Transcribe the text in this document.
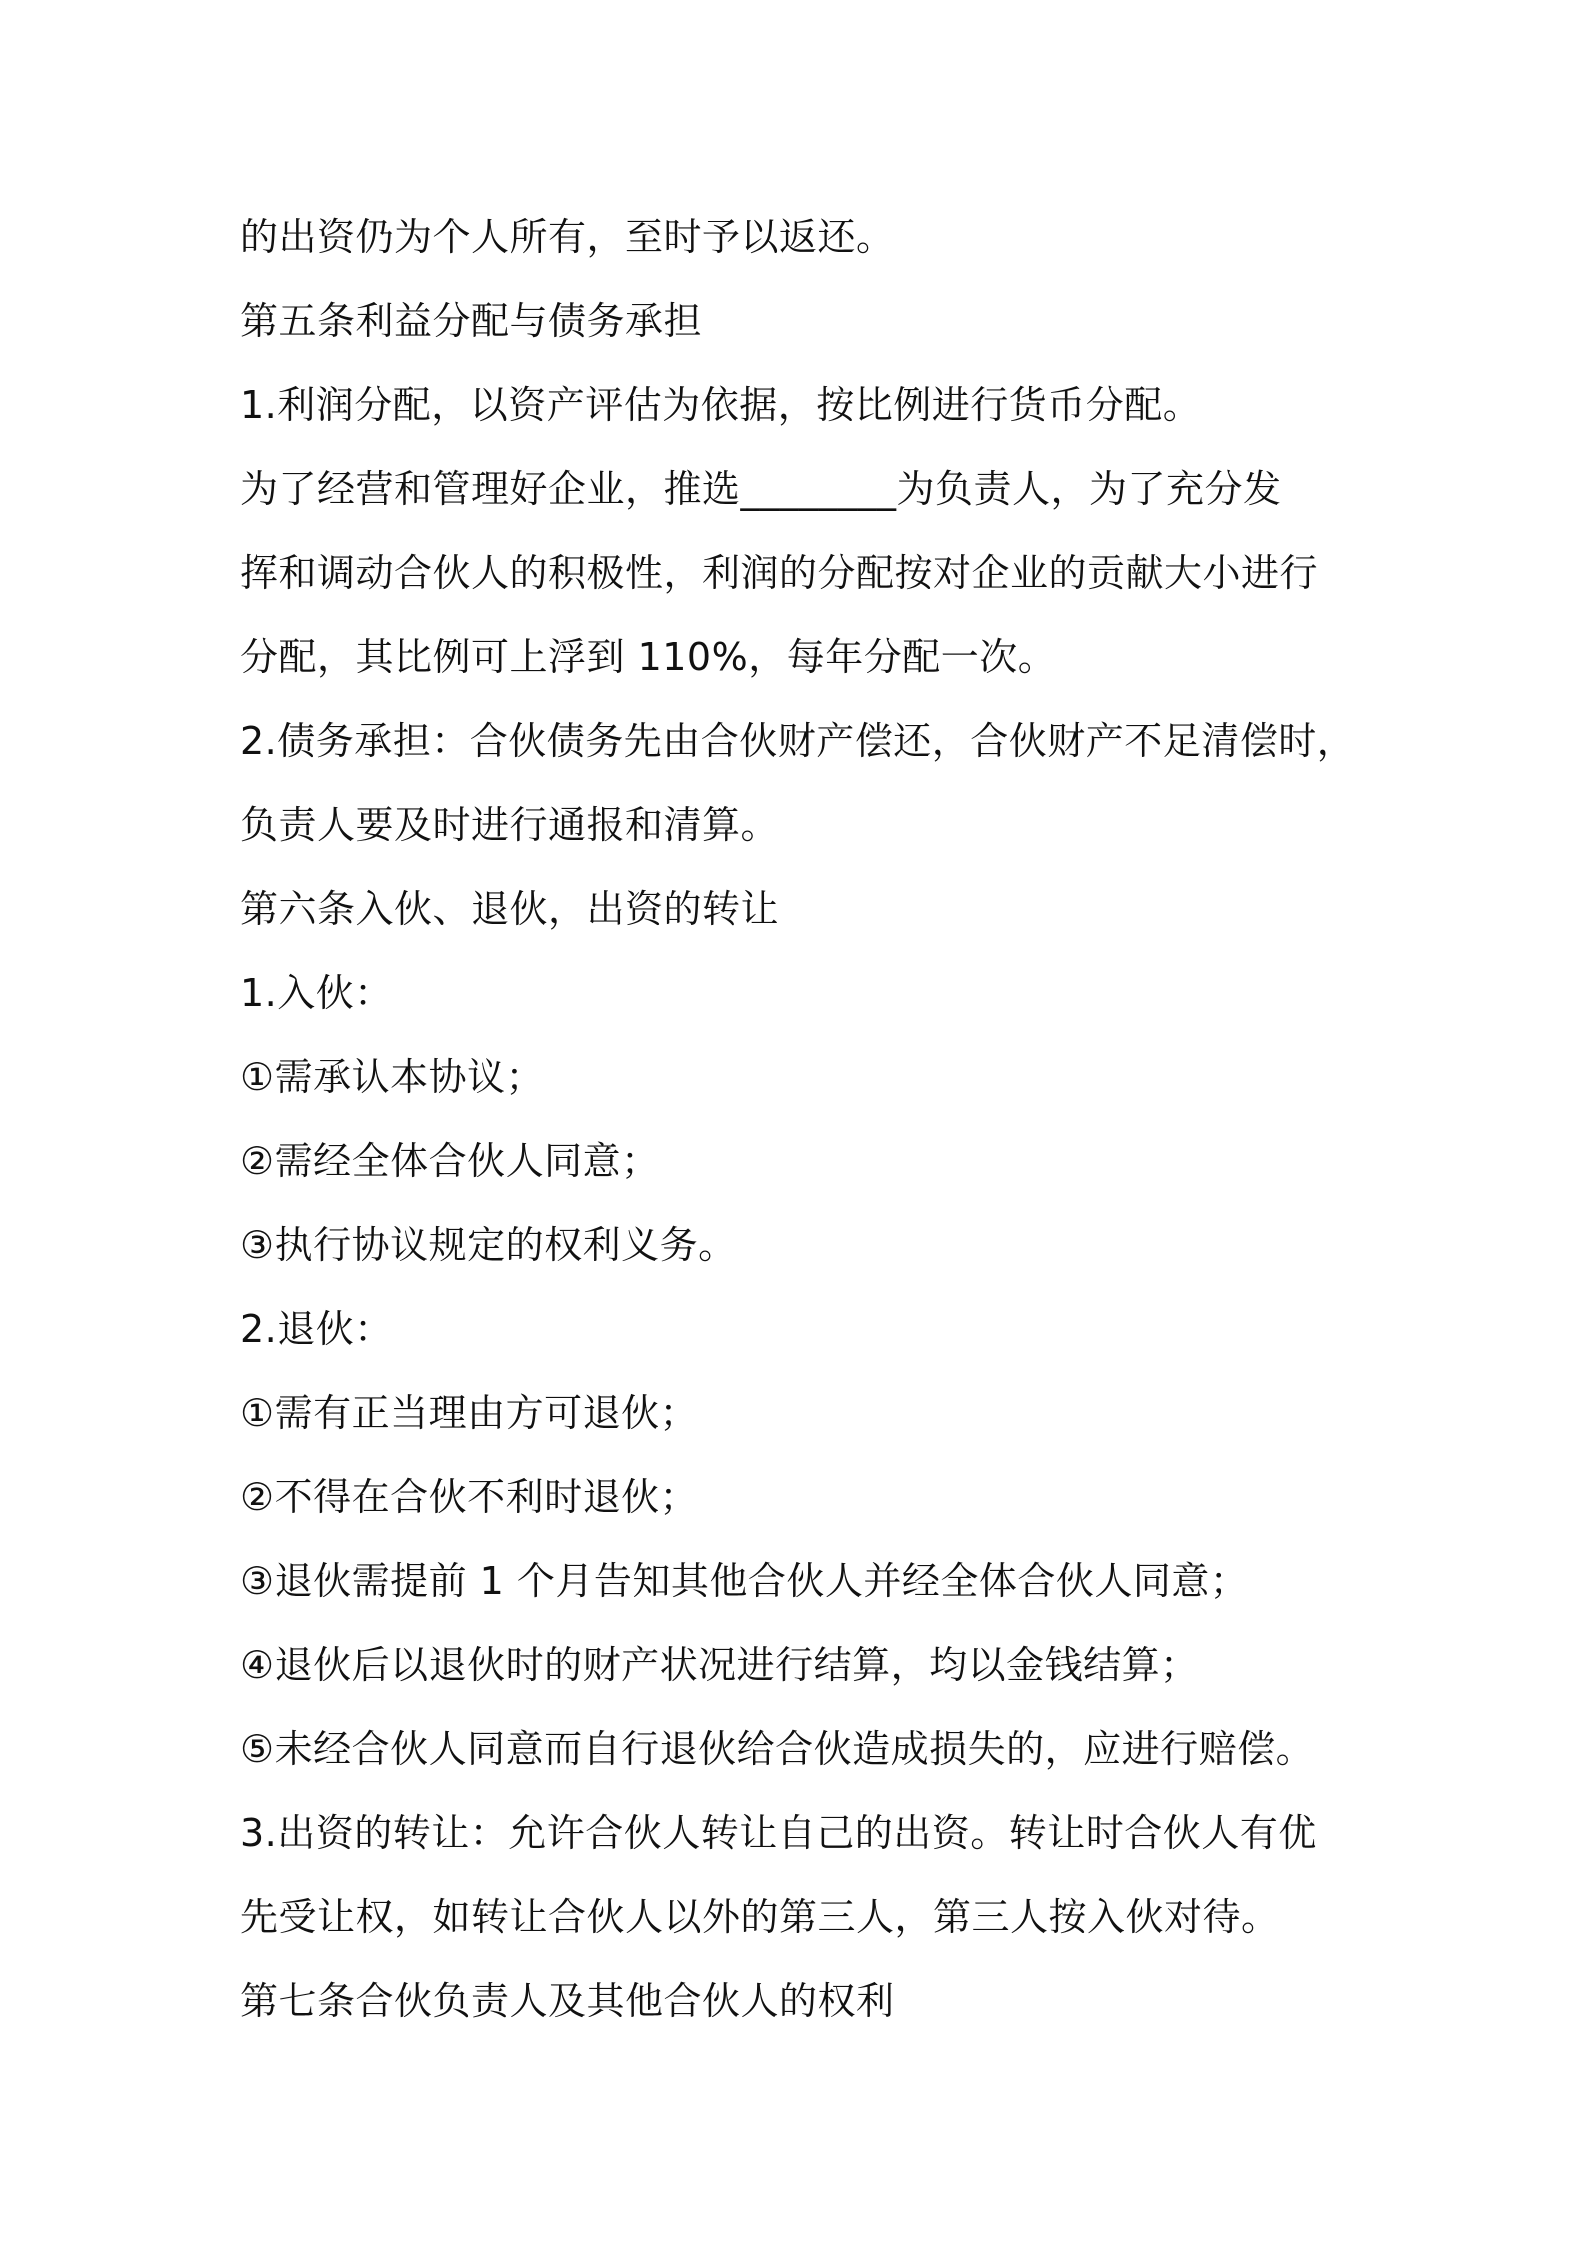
的出资仍为个人所有，至时予以返还。
第五条利益分配与债务承担
1.利润分配，以资产评估为依据，按比例进行货币分配。
为了经营和管理好企业，推选________为负责人，为了充分发
挥和调动合伙人的积极性，利润的分配按对企业的贡献大小进行
分配，其比例可上浮到 110%，每年分配一次。
2.债务承担：合伙债务先由合伙财产偿还，合伙财产不足清偿时，
负责人要及时进行通报和清算。
第六条入伙、退伙，出资的转让
1.入伙：
①需承认本协议；
②需经全体合伙人同意；
③执行协议规定的权利义务。
2.退伙：
①需有正当理由方可退伙；
②不得在合伙不利时退伙；
③退伙需提前 1 个月告知其他合伙人并经全体合伙人同意；
④退伙后以退伙时的财产状况进行结算，均以金钱结算；
⑤未经合伙人同意而自行退伙给合伙造成损失的，应进行赔偿。
3.出资的转让：允许合伙人转让自己的出资。转让时合伙人有优
先受让权，如转让合伙人以外的第三人，第三人按入伙对待。
第七条合伙负责人及其他合伙人的权利
